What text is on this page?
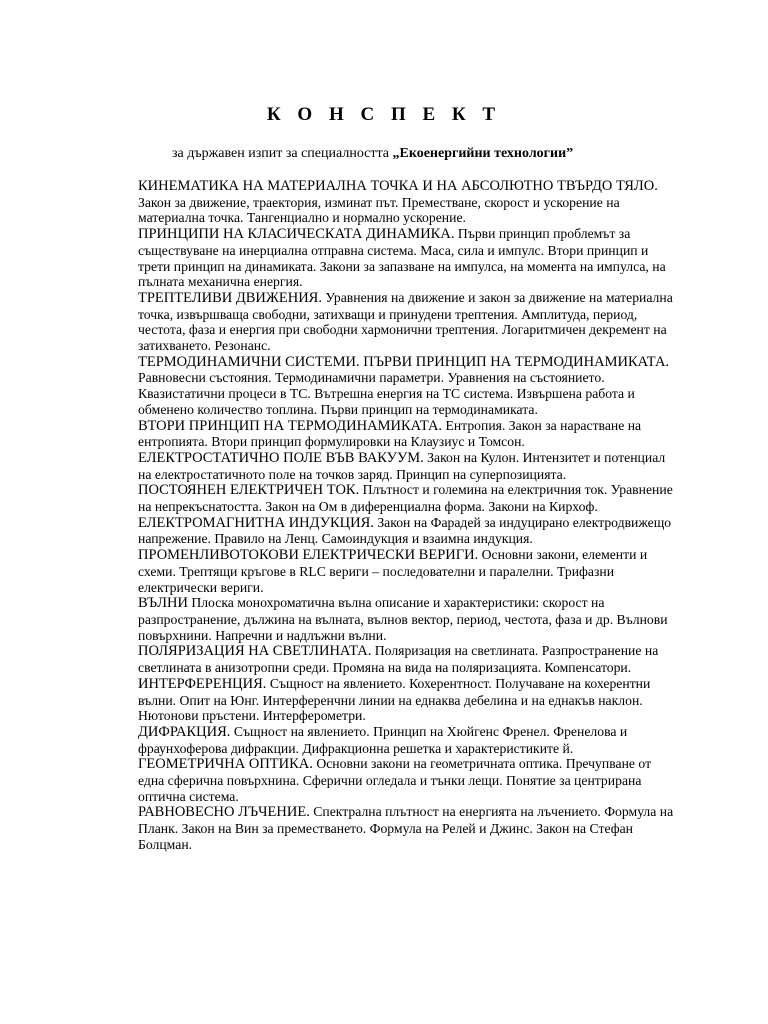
К О Н С П Е К Т

за държавен изпит за специалността „Екоенергийни технологии”

КИНЕМАТИКА НА МАТЕРИАЛНА ТОЧКА И НА АБСОЛЮТНО ТВЪРДО ТЯЛО. Закон за движение, траектория, изминат път. Преместване, скорост и ускорение на материална точка. Тангенциално и нормално ускорение.
ПРИНЦИПИ НА КЛАСИЧЕСКАТА ДИНАМИКА. Първи принцип проблемът за съществуване на инерциална отправна система. Маса, сила и импулс. Втори принцип и трети принцип на динамиката. Закони за запазване на импулса, на момента на импулса, на пълната механична енергия.
ТРЕПТЕЛИВИ ДВИЖЕНИЯ. Уравнения на движение и закон за движение на материална точка, извършваща свободни, затихващи и принудени трептения. Амплитуда, период, честота, фаза и енергия при свободни хармонични трептения. Логаритмичен декремент на затихването. Резонанс.
ТЕРМОДИНАМИЧНИ СИСТЕМИ. ПЪРВИ ПРИНЦИП НА ТЕРМОДИНАМИКАТА. Равновесни състояния. Термодинамични параметри. Уравнения на състоянието. Квазистатични процеси в ТС. Вътрешна енергия на ТС система. Извършена работа и обменено количество топлина. Първи принцип на термодинамиката.
ВТОРИ ПРИНЦИП НА ТЕРМОДИНАМИКАТА. Ентропия. Закон за нарастване на ентропията. Втори принцип формулировки на Клаузиус и Томсон.
ЕЛЕКТРОСТАТИЧНО ПОЛЕ ВЪВ ВАКУУМ. Закон на Кулон. Интензитет и потенциал на електростатичното поле на точков заряд. Принцип на суперпозицията.
ПОСТОЯНЕН ЕЛЕКТРИЧЕН ТОК. Плътност и големина на електричния ток. Уравнение на непрекъснатостта. Закон на Ом в диференциална форма. Закони на Кирхоф.
ЕЛЕКТРОМАГНИТНА ИНДУКЦИЯ. Закон на Фарадей за индуцирано електродвижещо напрежение. Правило на Ленц. Самоиндукция и взаимна индукция.
ПРОМЕНЛИВОТОКОВИ ЕЛЕКТРИЧЕСКИ ВЕРИГИ. Основни закони, елементи и схеми. Трептящи кръгове в RLC вериги – последователни и паралелни. Трифазни електрически вериги.
ВЪЛНИ Плоска монохроматична вълна описание и характеристики: скорост на разпространение, дължина на вълната, вълнов вектор, период, честота, фаза и др. Вълнови повърхнини. Напречни и надлъжни вълни.
ПОЛЯРИЗАЦИЯ НА СВЕТЛИНАТА. Поляризация на светлината. Разпространение на светлината в анизотропни среди. Промяна на вида на поляризацията. Компенсатори.
ИНТЕРФЕРЕНЦИЯ. Същност на явлението. Кохерентност. Получаване на кохерентни вълни. Опит на Юнг. Интерференчни линии на еднаква дебелина и на еднакъв наклон. Нютонови пръстени. Интерферометри.
ДИФРАКЦИЯ. Същност на явлението. Принцип на Хюйгенс Френел. Френелова и фраунхоферова дифракции. Дифракционна решетка и характеристиките й.
ГЕОМЕТРИЧНА ОПТИКА. Основни закони на геометричната оптика. Пречупване от една сферична повърхнина. Сферични огледала и тънки лещи. Понятие за центрирана оптична система.
РАВНОВЕСНО ЛЪЧЕНИЕ. Спектрална плътност на енергията на лъчението. Формула на Планк. Закон на Вин за преместването. Формула на Релей и Джинс. Закон на Стефан Болцман.
